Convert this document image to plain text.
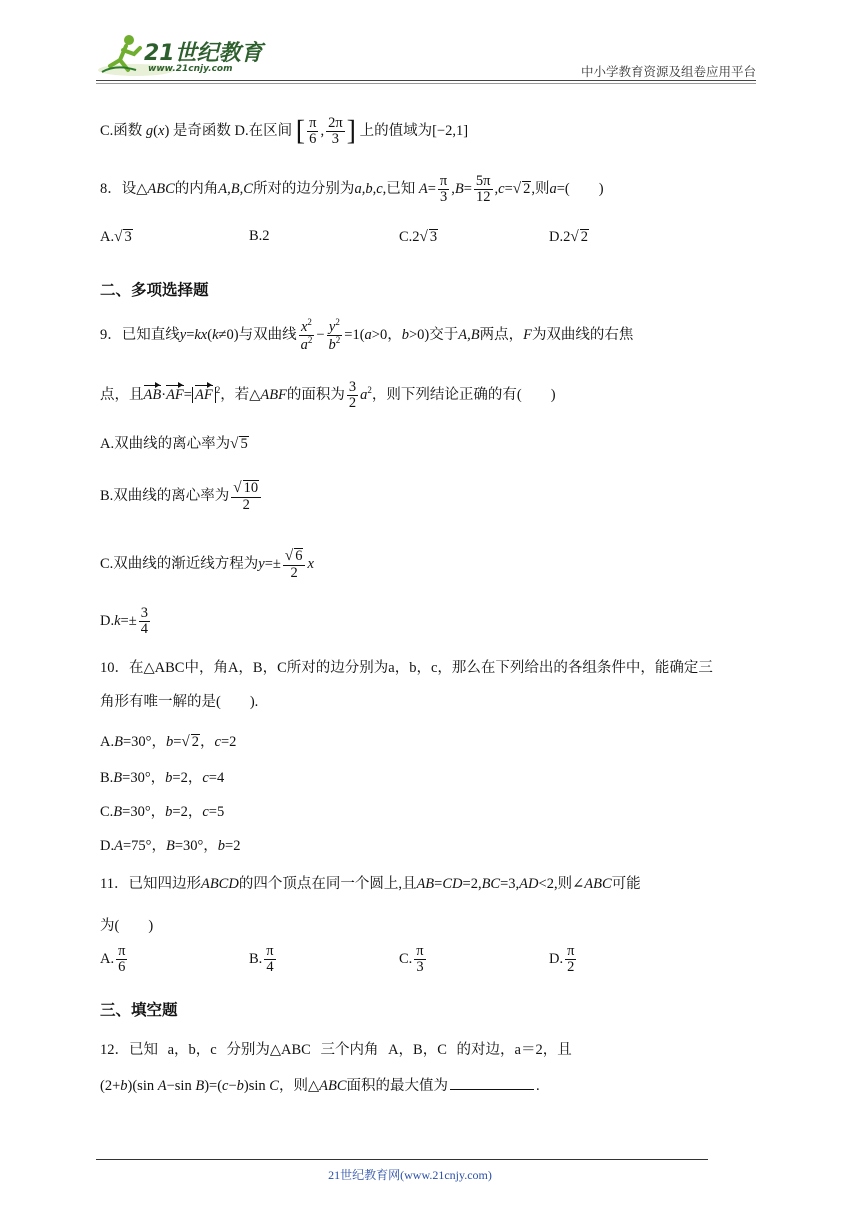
21世纪教育
www.21cnjy.com	中小学教育资源及组卷应用平台
C.函数 g(x) 是奇函数 D.在区间 [ $\frac{\pi}{6}$ , $\frac{2\pi}{3}$ ] 上的值域为[−2,1]
8．设△ABC的内角A,B,C所对的边分别为a,b,c,已知 $A= \frac{\pi}{3} ,B= \frac{5\pi}{12} ,c=√$ 2,则a=(　　)
A.√ 3	B.2	C.2√ 3	D.2√ 2
二、多项选择题
9．已知直线y=kx(k≠0)与双曲线 $\frac{x^2}{a^2} - \frac{y^2}{b^2} =1(a>0$，b>0)交于A,B两点，F为双曲线的右焦
点，且AB·AF= AF $^2$，若△ABF的面积为 $\frac{3}{2} a^2$，则下列结论正确的有(　　)
A.双曲线的离心率为√ 5
B.双曲线的离心率为 $\frac{√ 10}{2}$
C.双曲线的渐近线方程为$y=\pm \frac{√ 6}{2}$ x
$D.k=\pm \frac{3}{4}$
10．在△ABC中，角A，B，C所对的边分别为a，b，c，那么在下列给出的各组条件中，能确定三
角形有唯一解的是(　　).
A.B=30°，b=√ 2，c=2
B.B=30°，b=2，c=4
C.B=30°，b=2，c=5
D.A=75°，B=30°，b=2
11．已知四边形ABCD的四个顶点在同一个圆上,且AB=CD=2,BC=3,AD<2,则∠ABC可能
为(　　)
A. $\frac{\pi}{6}$	B. $\frac{\pi}{4}$	C. $\frac{\pi}{3}$	D. $\frac{\pi}{2}$
三、填空题
12．已知 a，b，c 分别为△ABC 三个内角 A，B，C 的对边，a＝2，且
(2+b)(sin A−sin B)=(c−b)sin C，则△ABC面积的最大值为	.
21世纪教育网(www.21cnjy.com)
